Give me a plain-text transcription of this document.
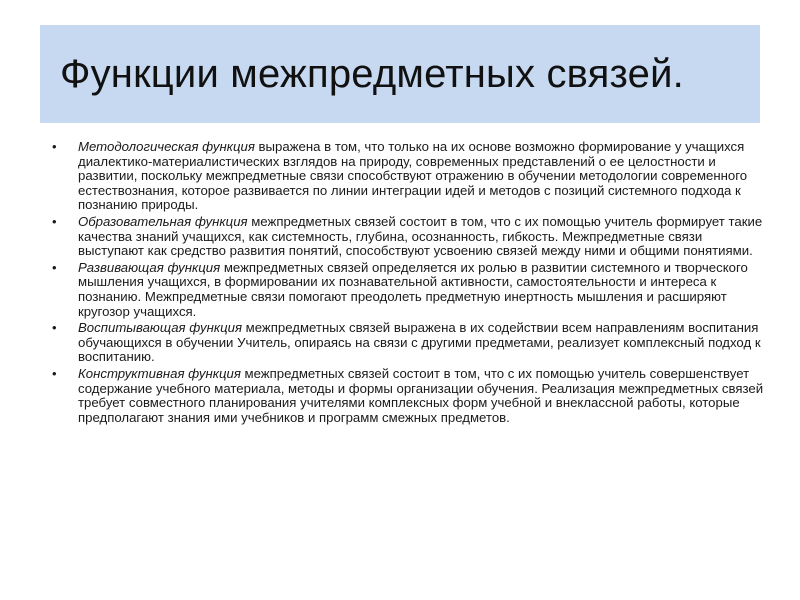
Функции межпредметных связей.
• Методологическая функция выражена в том, что только на их основе возможно формирование у учащихся диалектико-материалистических взглядов на природу, современных представлений о ее целостности и развитии, поскольку межпредметные связи способствуют отражению в обучении методологии современного естествознания, которое развивается по линии интеграции идей и методов с позиций системного подхода к познанию природы.
• Образовательная функция межпредметных связей состоит в том, что с их помощью учитель формирует такие качества знаний учащихся, как системность, глубина, осознанность, гибкость. Межпредметные связи выступают как средство развития понятий, способствуют усвоению связей между ними и общими понятиями.
• Развивающая функция межпредметных связей определяется их ролью в развитии системного и творческого мышления учащихся, в формировании их познавательной активности, самостоятельности и интереса к познанию. Межпредметные связи помогают преодолеть предметную инертность мышления и расширяют кругозор учащихся.
• Воспитывающая функция межпредметных связей выражена в их содействии всем направлениям воспитания обучающихся в обучении Учитель, опираясь на связи с другими предметами, реализует комплексный подход к воспитанию.
• Конструктивная функция межпредметных связей состоит в том, что с их помощью учитель совершенствует содержание учебного материала, методы и формы организации обучения. Реализация межпредметных связей требует совместного планирования учителями комплексных форм учебной и внеклассной работы, которые предполагают знания ими учебников и программ смежных предметов.
